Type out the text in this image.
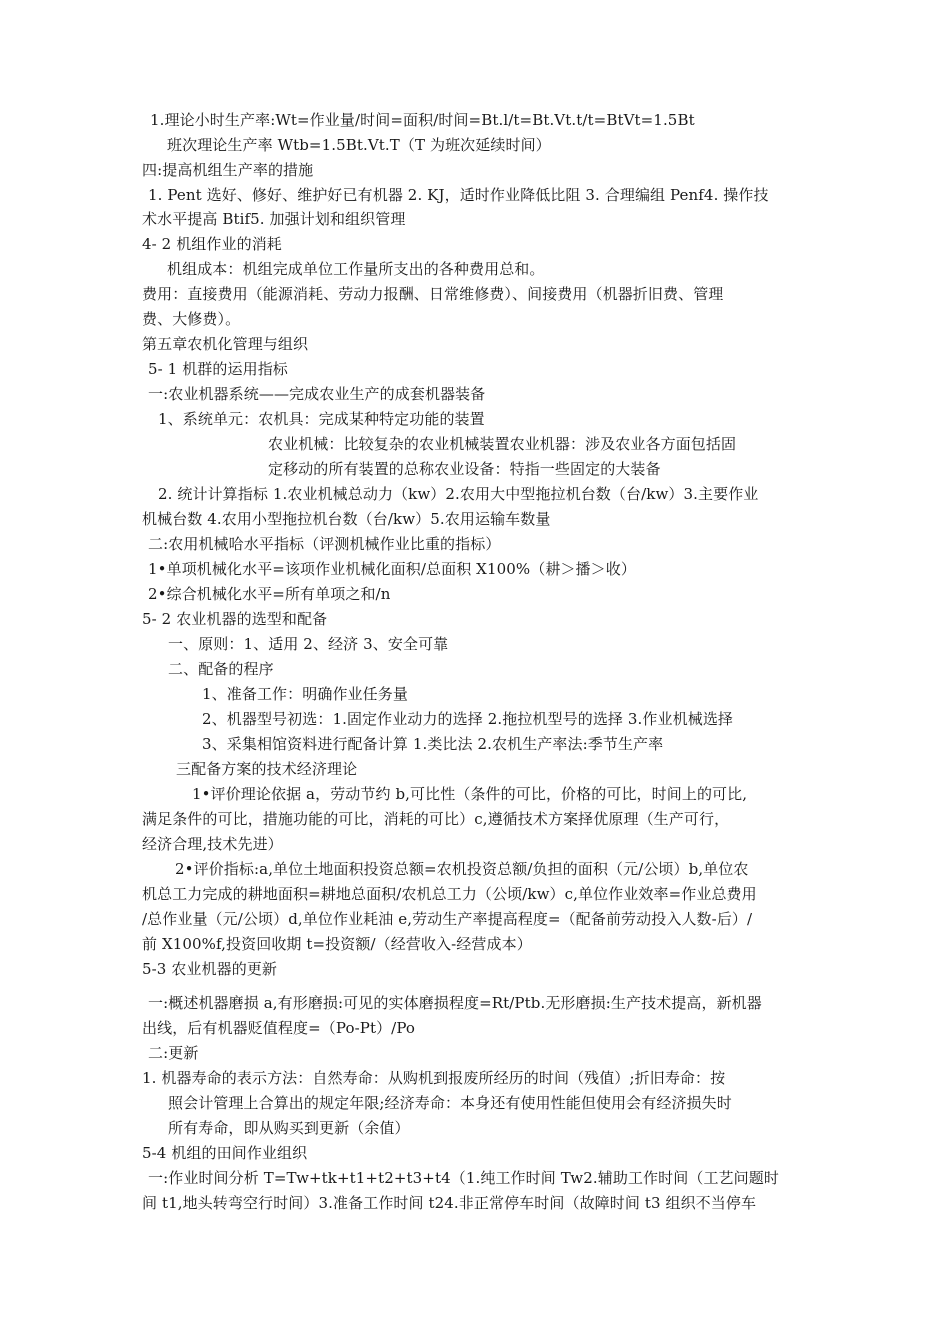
1.理论小时生产率:Wt=作业量/时间=面积/时间=Bt.l/t=Bt.Vt.t/t=BtVt=1.5Bt
班次理论生产率 Wtb=1.5Bt.Vt.T（T 为班次延续时间）
四:提高机组生产率的措施
1. Pent 选好、修好、维护好已有机器 2. KJ，适时作业降低比阻 3. 合理编组 Penf4. 操作技
术水平提高 Btif5. 加强计划和组织管理
4- 2 机组作业的消耗
机组成本：机组完成单位工作量所支出的各种费用总和。
费用：直接费用（能源消耗、劳动力报酬、日常维修费）、间接费用（机器折旧费、管理
费、大修费）。
第五章农机化管理与组织
5- 1 机群的运用指标
一:农业机器系统——完成农业生产的成套机器装备
1、系统单元：农机具：完成某种特定功能的装置
农业机械：比较复杂的农业机械装置农业机器：涉及农业各方面包括固
定移动的所有装置的总称农业设备：特指一些固定的大装备
2. 统计计算指标 1.农业机械总动力（kw）2.农用大中型拖拉机台数（台/kw）3.主要作业
机械台数 4.农用小型拖拉机台数（台/kw）5.农用运输车数量
二:农用机械哈水平指标（评测机械作业比重的指标）
1•单项机械化水平=该项作业机械化面积/总面积 X100%（耕＞播＞收）
2•综合机械化水平=所有单项之和/n
5- 2 农业机器的选型和配备
一、原则：1、适用 2、经济 3、安全可靠
二、配备的程序
1、准备工作：明确作业任务量
2、机器型号初选：1.固定作业动力的选择 2.拖拉机型号的选择 3.作业机械选择
3、采集相馆资料进行配备计算 1.类比法 2.农机生产率法:季节生产率
三配备方案的技术经济理论
1•评价理论依据 a，劳动节约 b,可比性（条件的可比，价格的可比，时间上的可比,
满足条件的可比，措施功能的可比，消耗的可比）c,遵循技术方案择优原理（生产可行，
经济合理,技术先进）
2•评价指标:a,单位土地面积投资总额=农机投资总额/负担的面积（元/公顷）b,单位农
机总工力完成的耕地面积=耕地总面积/农机总工力（公顷/kw）c,单位作业效率=作业总费用
/总作业量（元/公顷）d,单位作业耗油 e,劳动生产率提高程度=（配备前劳动投入人数-后）/
前 X100%f,投资回收期 t=投资额/（经营收入-经营成本）
5-3 农业机器的更新
一:概述机器磨损 a,有形磨损:可见的实体磨损程度=Rt/Ptb.无形磨损:生产技术提高，新机器
出线，后有机器贬值程度=（Po-Pt）/Po
二:更新
1. 机器寿命的表示方法：自然寿命：从购机到报废所经历的时间（残值）;折旧寿命：按
照会计管理上合算出的规定年限;经济寿命：本身还有使用性能但使用会有经济损失时
所有寿命，即从购买到更新（余值）
5-4 机组的田间作业组织
一:作业时间分析 T=Tw+tk+t1+t2+t3+t4（1.纯工作时间 Tw2.辅助工作时间（工艺问题时
间 t1,地头转弯空行时间）3.准备工作时间 t24.非正常停车时间（故障时间 t3 组织不当停车
